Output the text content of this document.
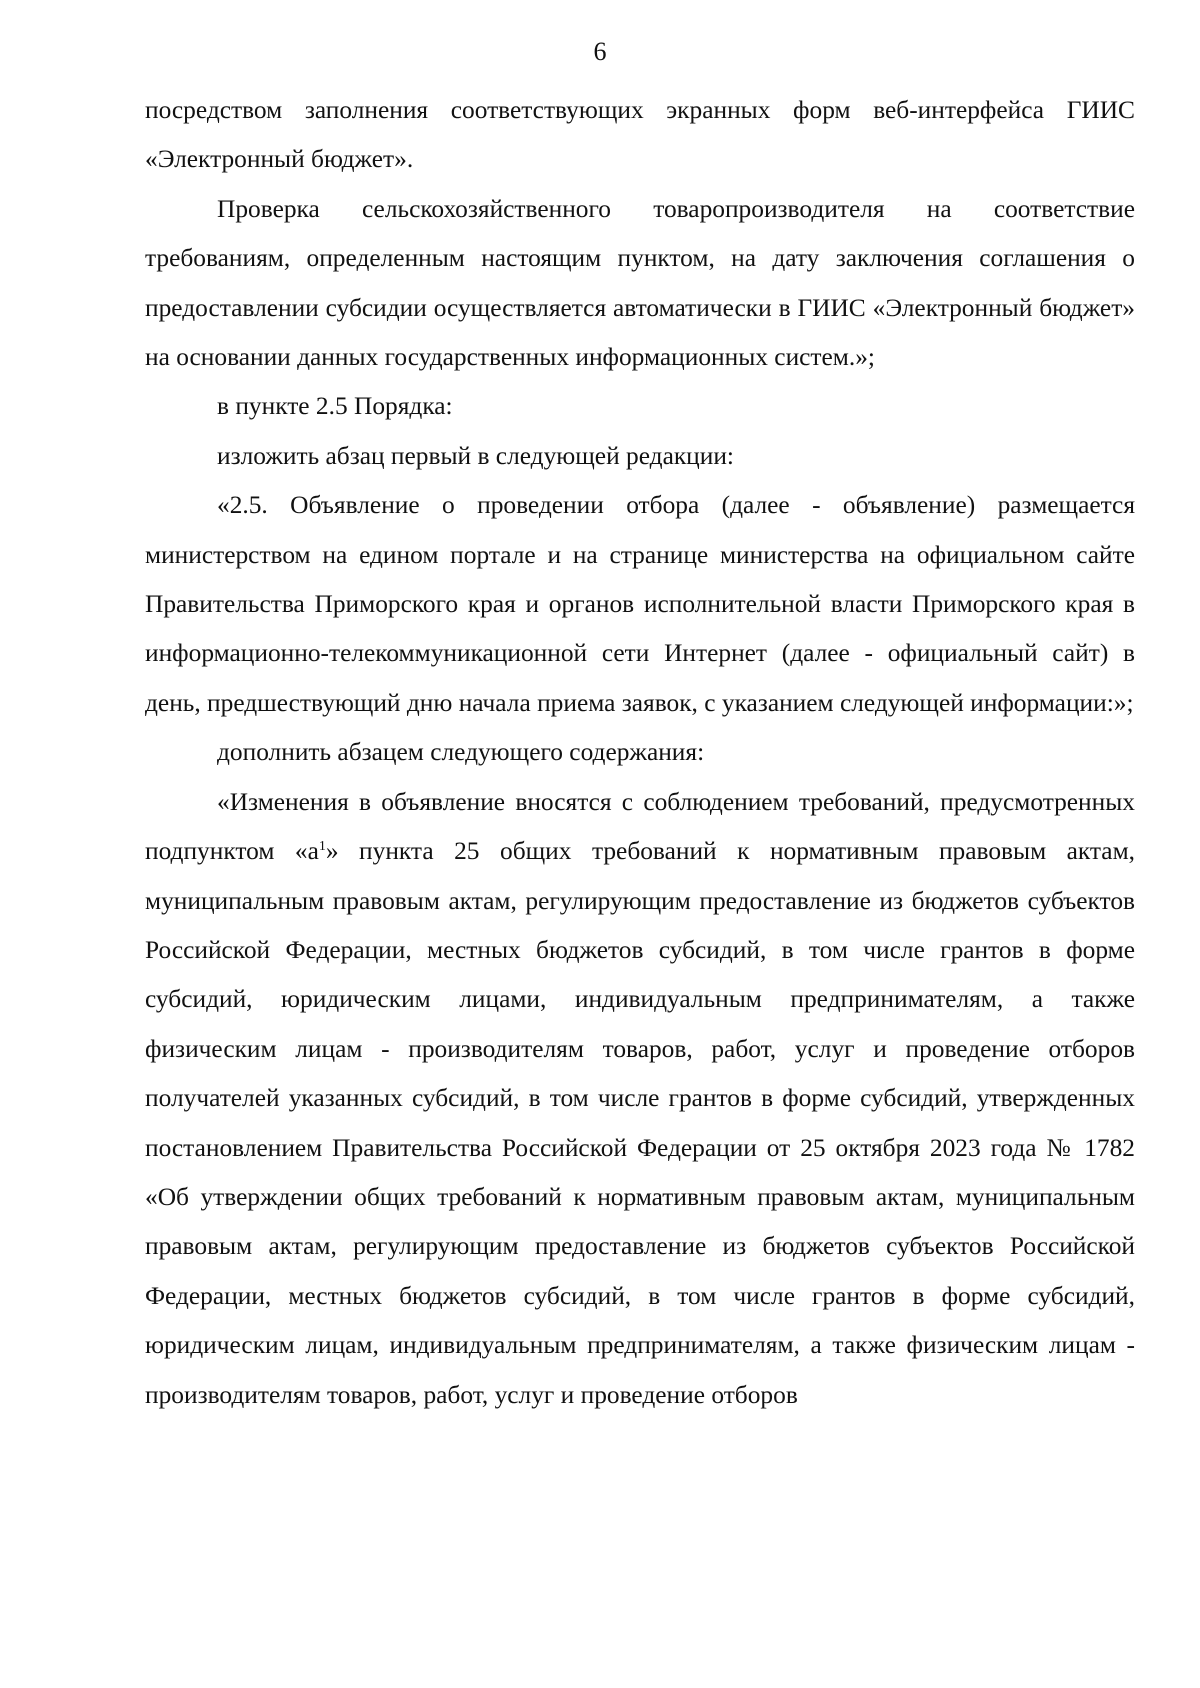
6

посредством заполнения соответствующих экранных форм веб-интерфейса ГИИС «Электронный бюджет».

Проверка сельскохозяйственного товаропроизводителя на соответствие требованиям, определенным настоящим пунктом, на дату заключения соглашения о предоставлении субсидии осуществляется автоматически в ГИИС «Электронный бюджет» на основании данных государственных информационных систем.»;

в пункте 2.5 Порядка:

изложить абзац первый в следующей редакции:

«2.5. Объявление о проведении отбора (далее - объявление) размещается министерством на едином портале и на странице министерства на официальном сайте Правительства Приморского края и органов исполнительной власти Приморского края в информационно-телекоммуникационной сети Интернет (далее - официальный сайт) в день, предшествующий дню начала приема заявок, с указанием следующей информации:»;

дополнить абзацем следующего содержания:

«Изменения в объявление вносятся с соблюдением требований, предусмотренных подпунктом «$а^1$» пункта 25 общих требований к нормативным правовым актам, муниципальным правовым актам, регулирующим предоставление из бюджетов субъектов Российской Федерации, местных бюджетов субсидий, в том числе грантов в форме субсидий, юридическим лицами, индивидуальным предпринимателям, а также физическим лицам - производителям товаров, работ, услуг и проведение отборов получателей указанных субсидий, в том числе грантов в форме субсидий, утвержденных постановлением Правительства Российской Федерации от 25 октября 2023 года № 1782 «Об утверждении общих требований к нормативным правовым актам, муниципальным правовым актам, регулирующим предоставление из бюджетов субъектов Российской Федерации, местных бюджетов субсидий, в том числе грантов в форме субсидий, юридическим лицам, индивидуальным предпринимателям, а также физическим лицам - производителям товаров, работ, услуг и проведение отборов
